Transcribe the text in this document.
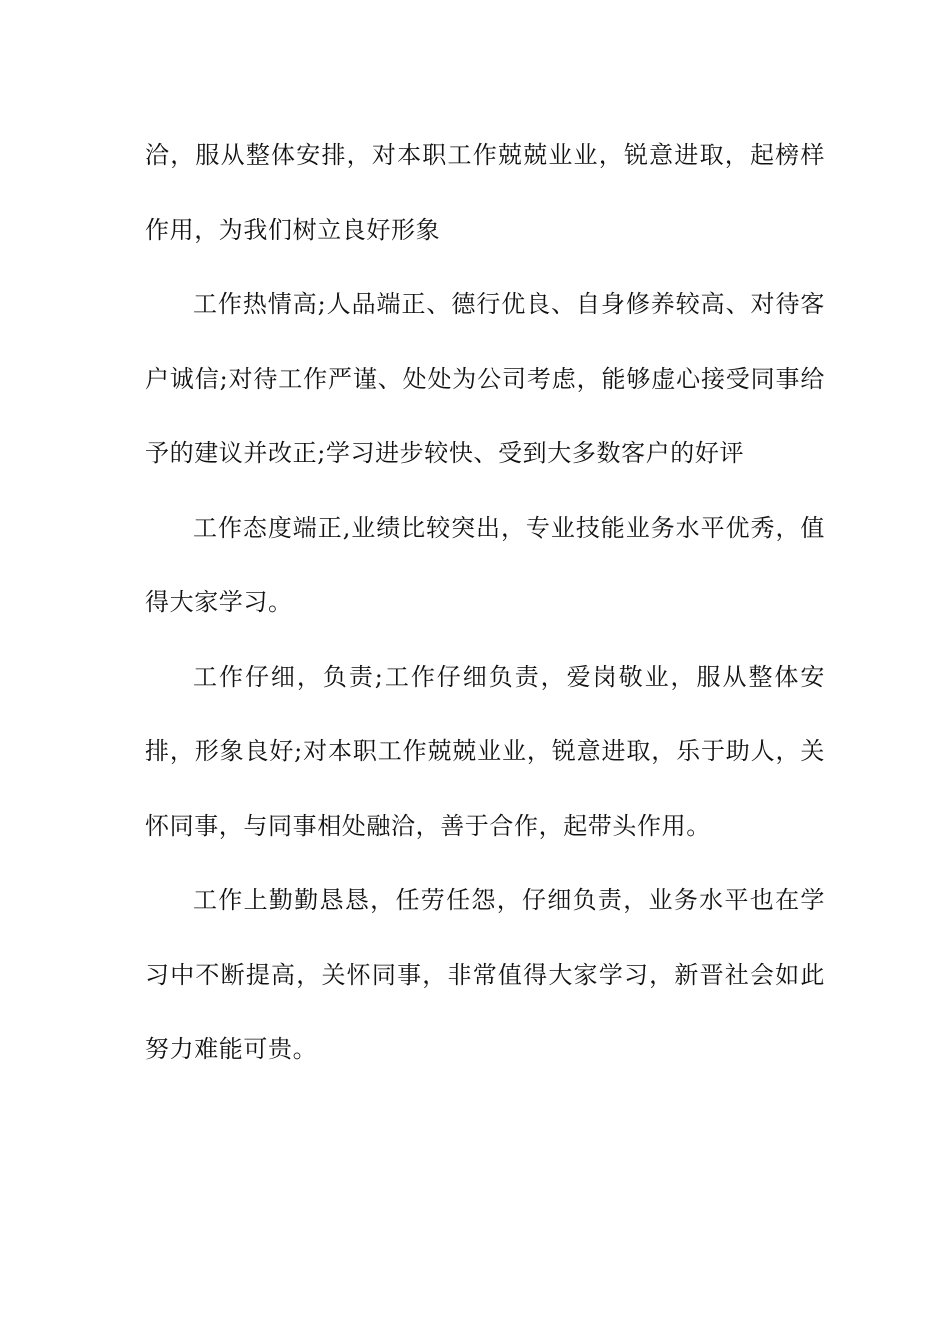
洽，服从整体安排，对本职工作兢兢业业，锐意进取，起榜样作用，为我们树立良好形象

工作热情高;人品端正、德行优良、自身修养较高、对待客户诚信;对待工作严谨、处处为公司考虑，能够虚心接受同事给予的建议并改正;学习进步较快、受到大多数客户的好评

工作态度端正,业绩比较突出，专业技能业务水平优秀，值得大家学习。

工作仔细，负责;工作仔细负责，爱岗敬业，服从整体安排，形象良好;对本职工作兢兢业业，锐意进取，乐于助人，关怀同事，与同事相处融洽，善于合作，起带头作用。

工作上勤勤恳恳，任劳任怨，仔细负责，业务水平也在学习中不断提高，关怀同事，非常值得大家学习，新晋社会如此努力难能可贵。
